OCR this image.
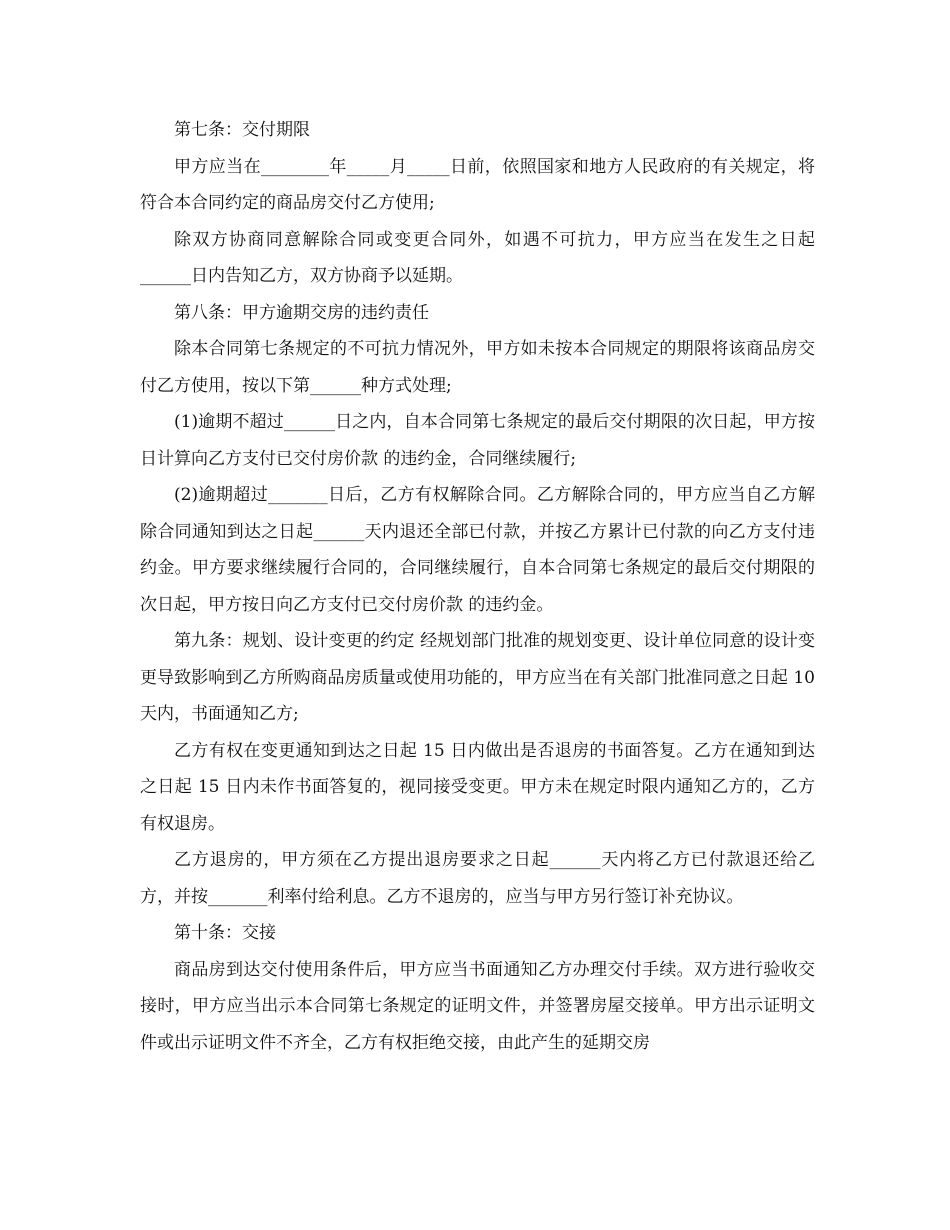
第七条：交付期限

甲方应当在________年_____月_____日前，依照国家和地方人民政府的有关规定，将符合本合同约定的商品房交付乙方使用;

除双方协商同意解除合同或变更合同外，如遇不可抗力，甲方应当在发生之日起______日内告知乙方，双方协商予以延期。

第八条：甲方逾期交房的违约责任

除本合同第七条规定的不可抗力情况外，甲方如未按本合同规定的期限将该商品房交付乙方使用，按以下第______种方式处理;

(1)逾期不超过______日之内，自本合同第七条规定的最后交付期限的次日起，甲方按日计算向乙方支付已交付房价款 的违约金，合同继续履行;

(2)逾期超过_______日后，乙方有权解除合同。乙方解除合同的，甲方应当自乙方解除合同通知到达之日起______天内退还全部已付款，并按乙方累计已付款的向乙方支付违约金。甲方要求继续履行合同的，合同继续履行，自本合同第七条规定的最后交付期限的次日起，甲方按日向乙方支付已交付房价款 的违约金。

第九条：规划、设计变更的约定 经规划部门批准的规划变更、设计单位同意的设计变更导致影响到乙方所购商品房质量或使用功能的，甲方应当在有关部门批准同意之日起 10 天内，书面通知乙方;

乙方有权在变更通知到达之日起 15 日内做出是否退房的书面答复。乙方在通知到达之日起 15 日内未作书面答复的，视同接受变更。甲方未在规定时限内通知乙方的，乙方有权退房。

乙方退房的，甲方须在乙方提出退房要求之日起______天内将乙方已付款退还给乙方，并按_______利率付给利息。乙方不退房的，应当与甲方另行签订补充协议。

第十条：交接

商品房到达交付使用条件后，甲方应当书面通知乙方办理交付手续。双方进行验收交接时，甲方应当出示本合同第七条规定的证明文件，并签署房屋交接单。甲方出示证明文件或出示证明文件不齐全，乙方有权拒绝交接，由此产生的延期交房
